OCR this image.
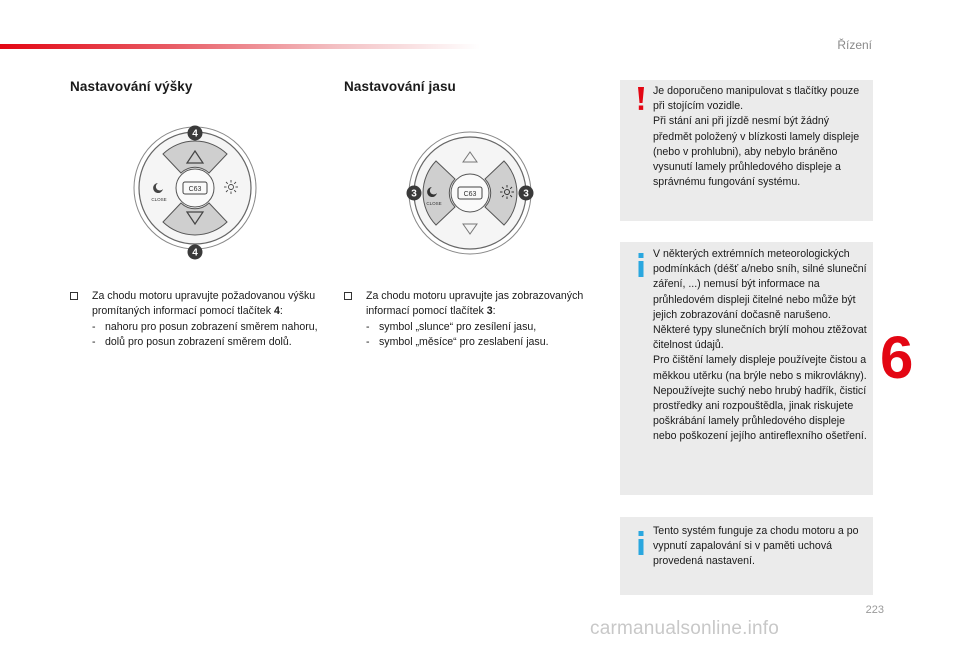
Řízení
Nastavování výšky
C63
CLOSE
4
4
Za chodu motoru upravujte požadovanou výšku promítaných informací pomocí tlačítek 4:
- nahoru pro posun zobrazení směrem nahoru,
- dolů pro posun zobrazení směrem dolů.
Nastavování jasu
C63
CLOSE
3	3
Za chodu motoru upravujte jas zobrazovaných informací pomocí tlačítek 3:
- symbol „slunce“ pro zesílení jasu,
- symbol „měsíce“ pro zeslabení jasu.
Je doporučeno manipulovat s tlačítky pouze při stojícím vozidle.
Při stání ani při jízdě nesmí být žádný předmět položený v blízkosti lamely displeje (nebo v prohlubni), aby nebylo bráněno vysunutí lamely průhledového displeje a správnému fungování systému.
V některých extrémních meteorologických podmínkách (déšť a/nebo sníh, silné sluneční záření, ...) nemusí být informace na průhledovém displeji čitelné nebo může být jejich zobrazování dočasně narušeno.
Některé typy slunečních brýlí mohou ztěžovat čitelnost údajů.
Pro čištění lamely displeje používejte čistou a měkkou utěrku (na brýle nebo s mikrovlákny). Nepoužívejte suchý nebo hrubý hadřík, čisticí prostředky ani rozpouštědla, jinak riskujete poškrábání lamely průhledového displeje nebo poškození jejího antireflexního ošetření.
Tento systém funguje za chodu motoru a po vypnutí zapalování si v paměti uchová provedená nastavení.
6
223
carmanualsonline.info
